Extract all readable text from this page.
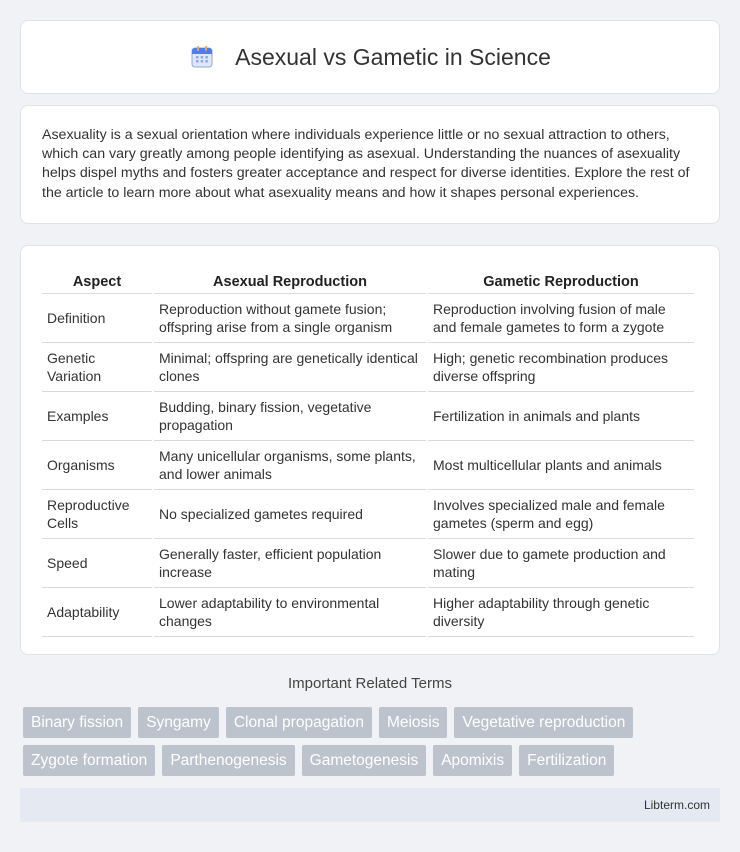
Asexual vs Gametic in Science

Asexuality is a sexual orientation where individuals experience little or no sexual attraction to others, which can vary greatly among people identifying as asexual. Understanding the nuances of asexuality helps dispel myths and fosters greater acceptance and respect for diverse identities. Explore the rest of the article to learn more about what asexuality means and how it shapes personal experiences.

Aspect	Asexual Reproduction	Gametic Reproduction
Definition	Reproduction without gamete fusion; offspring arise from a single organism	Reproduction involving fusion of male and female gametes to form a zygote
Genetic Variation	Minimal; offspring are genetically identical clones	High; genetic recombination produces diverse offspring
Examples	Budding, binary fission, vegetative propagation	Fertilization in animals and plants
Organisms	Many unicellular organisms, some plants, and lower animals	Most multicellular plants and animals
Reproductive Cells	No specialized gametes required	Involves specialized male and female gametes (sperm and egg)
Speed	Generally faster, efficient population increase	Slower due to gamete production and mating
Adaptability	Lower adaptability to environmental changes	Higher adaptability through genetic diversity
Important Related Terms
Binary fission	Syngamy	Clonal propagation	Meiosis	Vegetative reproduction
Zygote formation	Parthenogenesis	Gametogenesis	Apomixis	Fertilization
Libterm.com
